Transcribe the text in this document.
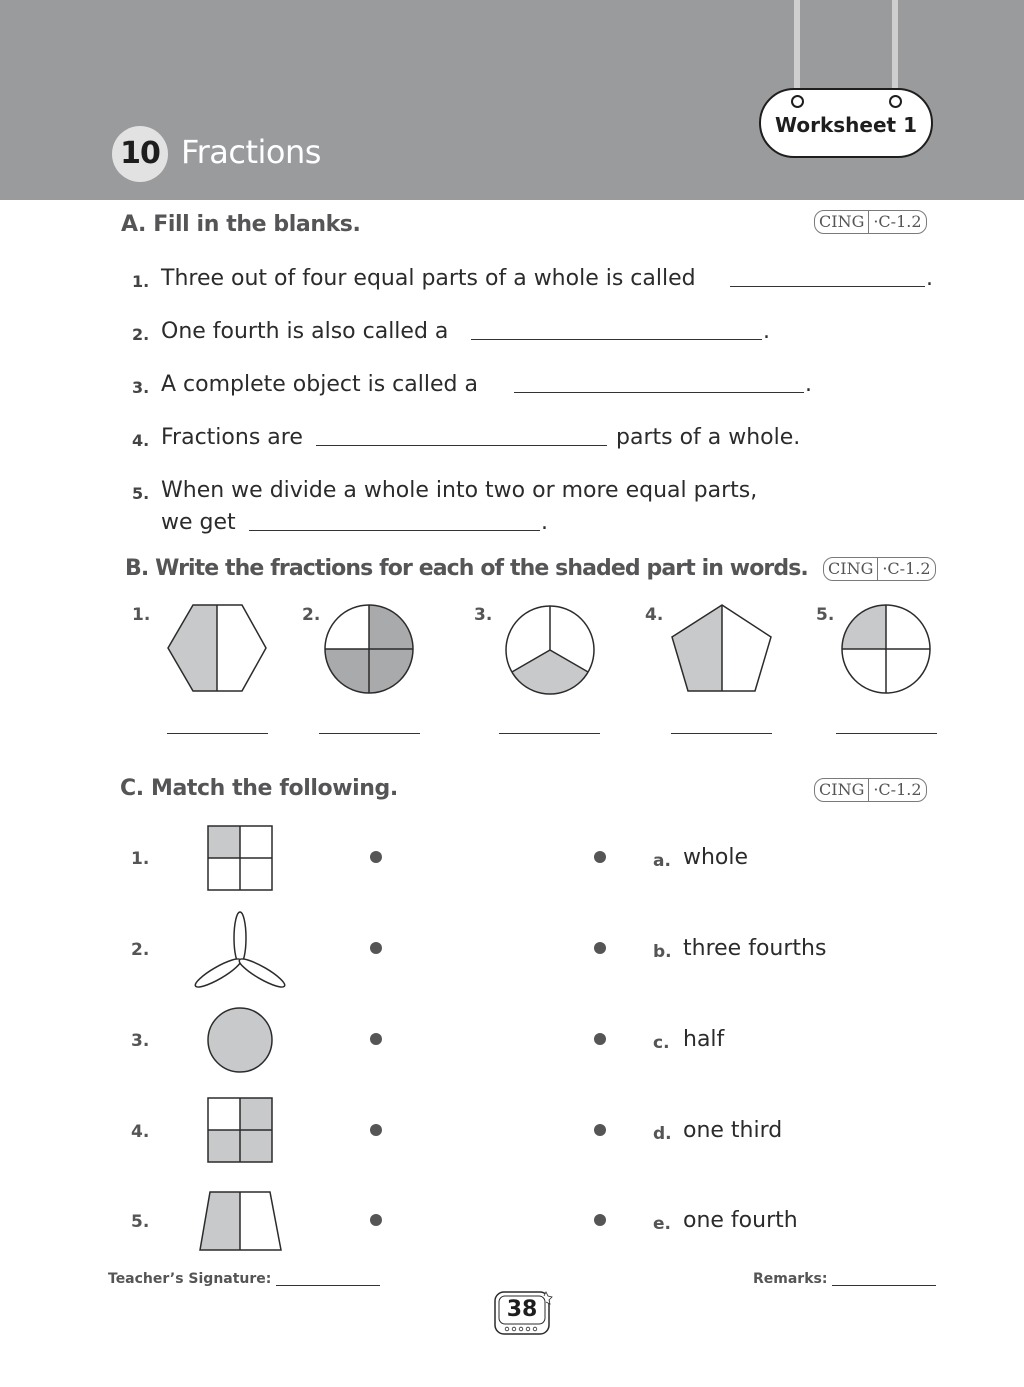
Worksheet 1
10 Fractions
A. Fill in the blanks.	CING ·C-1.2
1. Three out of four equal parts of a whole is called	.
2. One fourth is also called a	.
3. A complete object is called a	.
4. Fractions are	parts of a whole.
5. When we divide a whole into two or more equal parts,
we get	.
B. Write the fractions for each of the shaded part in words. CING ·C-1.2
1.	2.	3.	4.	5.
C. Match the following.	CING ·C-1.2
1.
2.
3.
4.
5.
a. whole
b. three fourths
c. half
d. one third
e. one fourth
Teacher’s Signature:	Remarks:
38
